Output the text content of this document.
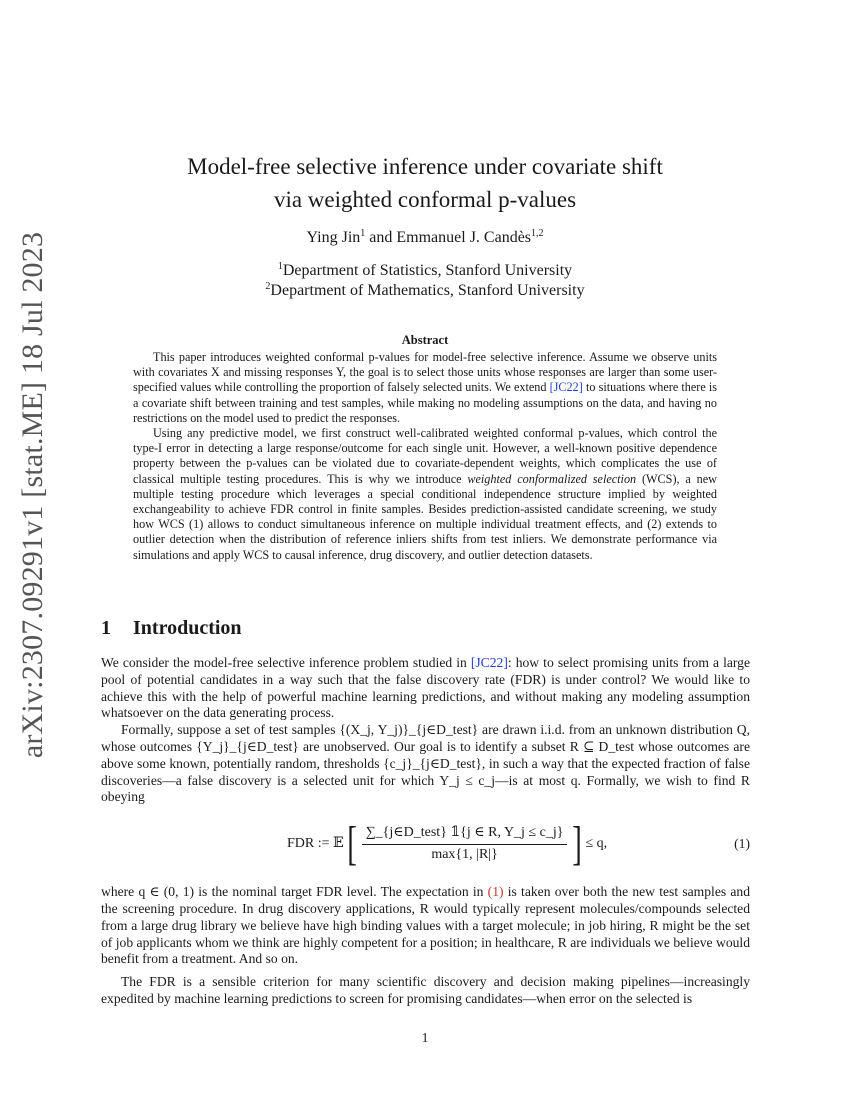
arXiv:2307.09291v1 [stat.ME] 18 Jul 2023
Model-free selective inference under covariate shift
via weighted conformal p-values
Ying Jin$^1$ and Emmanuel J. Candès$^{1,2}$
$^1$Department of Statistics, Stanford University
$^2$Department of Mathematics, Stanford University
Abstract

This paper introduces weighted conformal p-values for model-free selective inference. Assume we observe units with covariates X and missing responses Y, the goal is to select those units whose responses are larger than some user-specified values while controlling the proportion of falsely selected units. We extend [JC22] to situations where there is a covariate shift between training and test samples, while making no modeling assumptions on the data, and having no restrictions on the model used to predict the responses.

Using any predictive model, we first construct well-calibrated weighted conformal p-values, which control the type-I error in detecting a large response/outcome for each single unit. However, a well-known positive dependence property between the p-values can be violated due to covariate-dependent weights, which complicates the use of classical multiple testing procedures. This is why we introduce weighted conformalized selection (WCS), a new multiple testing procedure which leverages a special conditional independence structure implied by weighted exchangeability to achieve FDR control in finite samples. Besides prediction-assisted candidate screening, we study how WCS (1) allows to conduct simultaneous inference on multiple individual treatment effects, and (2) extends to outlier detection when the distribution of reference inliers shifts from test inliers. We demonstrate performance via simulations and apply WCS to causal inference, drug discovery, and outlier detection datasets.

1 Introduction

We consider the model-free selective inference problem studied in [JC22]: how to select promising units from a large pool of potential candidates in a way such that the false discovery rate (FDR) is under control? We would like to achieve this with the help of powerful machine learning predictions, and without making any modeling assumption whatsoever on the data generating process.

Formally, suppose a set of test samples {(X_j, Y_j)}_{j∈D_test} are drawn i.i.d. from an unknown distribution Q, whose outcomes {Y_j}_{j∈D_test} are unobserved. Our goal is to identify a subset R ⊆ D_test whose outcomes are above some known, potentially random, thresholds {c_j}_{j∈D_test}, in such a way that the expected fraction of false discoveries—a false discovery is a selected unit for which Y_j ≤ c_j—is at most q. Formally, we wish to find R obeying

FDR := 𝔼 [ $\frac{\text{∑\_\{j∈D\_test\} 𝟙\{j ∈ R, Y\_j ≤ c\_j\}}}{\max\{1, |R|\}}$ ] ≤ q,	(1)

where q ∈ (0, 1) is the nominal target FDR level. The expectation in (1) is taken over both the new test samples and the screening procedure. In drug discovery applications, R would typically represent molecules/compounds selected from a large drug library we believe have high binding values with a target molecule; in job hiring, R might be the set of job applicants whom we think are highly competent for a position; in healthcare, R are individuals we believe would benefit from a treatment. And so on.

The FDR is a sensible criterion for many scientific discovery and decision making pipelines—increasingly expedited by machine learning predictions to screen for promising candidates—when error on the selected is

1
